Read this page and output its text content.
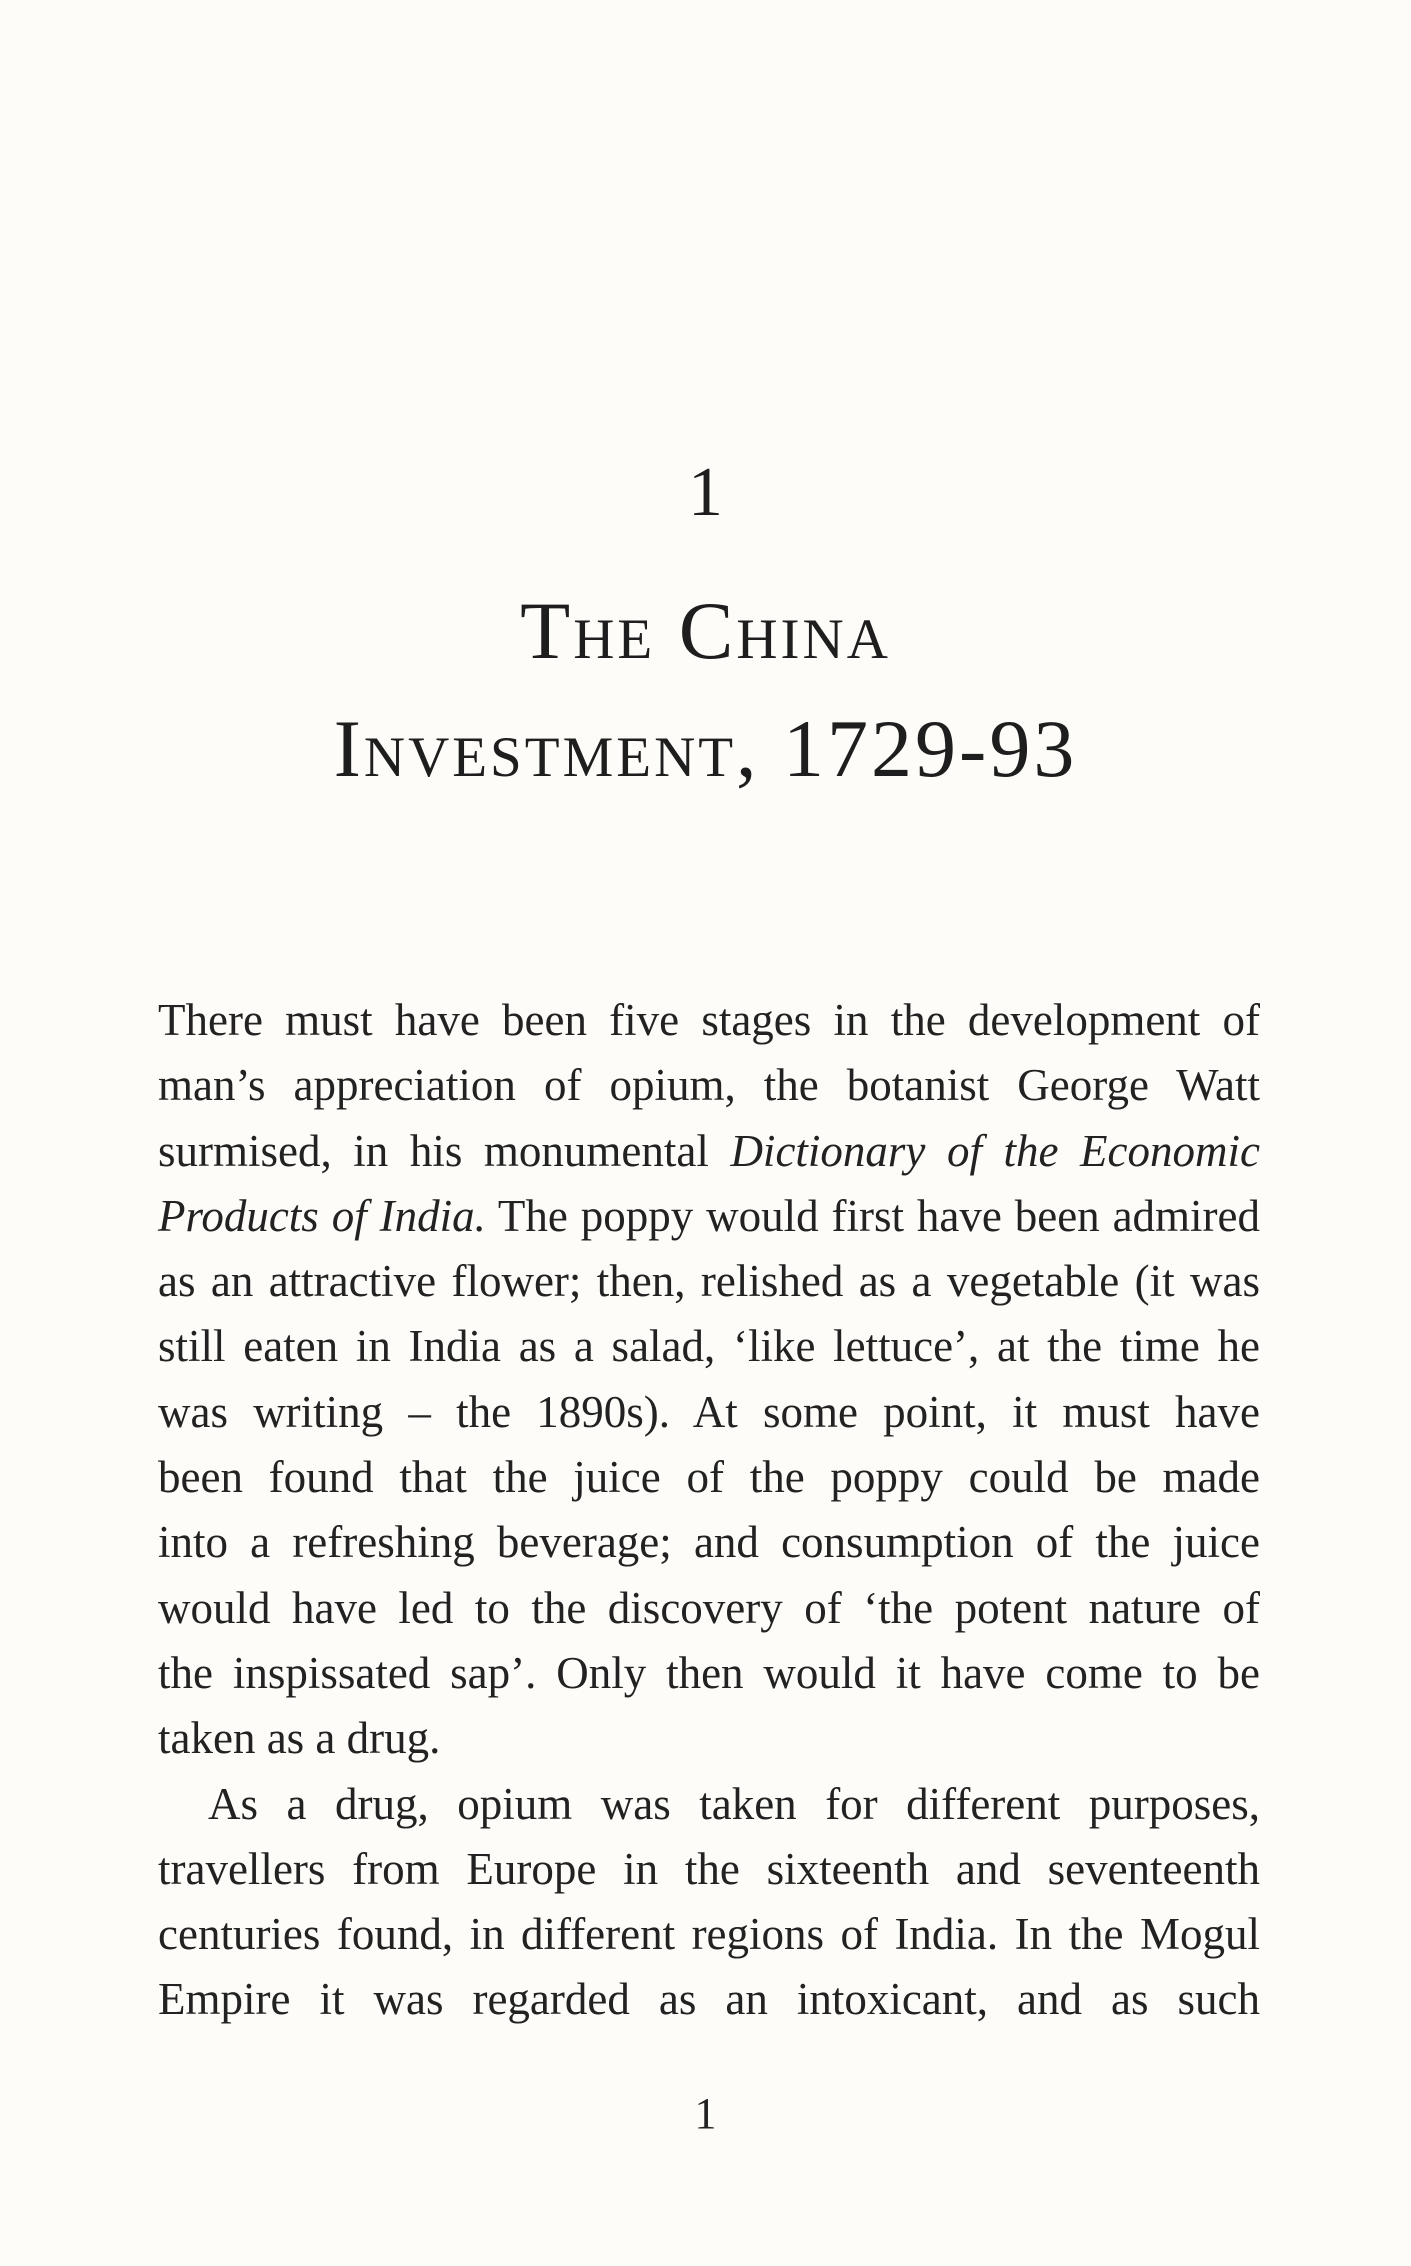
1
The China
Investment, 1729-93

There must have been five stages in the development of
man’s appreciation of opium, the botanist George Watt
surmised, in his monumental Dictionary of the Economic
Products of India. The poppy would first have been admired
as an attractive flower; then, relished as a vegetable (it was
still eaten in India as a salad, ‘like lettuce’, at the time he
was writing – the 1890s). At some point, it must have
been found that the juice of the poppy could be made
into a refreshing beverage; and consumption of the juice
would have led to the discovery of ‘the potent nature of
the inspissated sap’. Only then would it have come to be
taken as a drug.

As a drug, opium was taken for different purposes,
travellers from Europe in the sixteenth and seventeenth
centuries found, in different regions of India. In the Mogul
Empire it was regarded as an intoxicant, and as such

1
